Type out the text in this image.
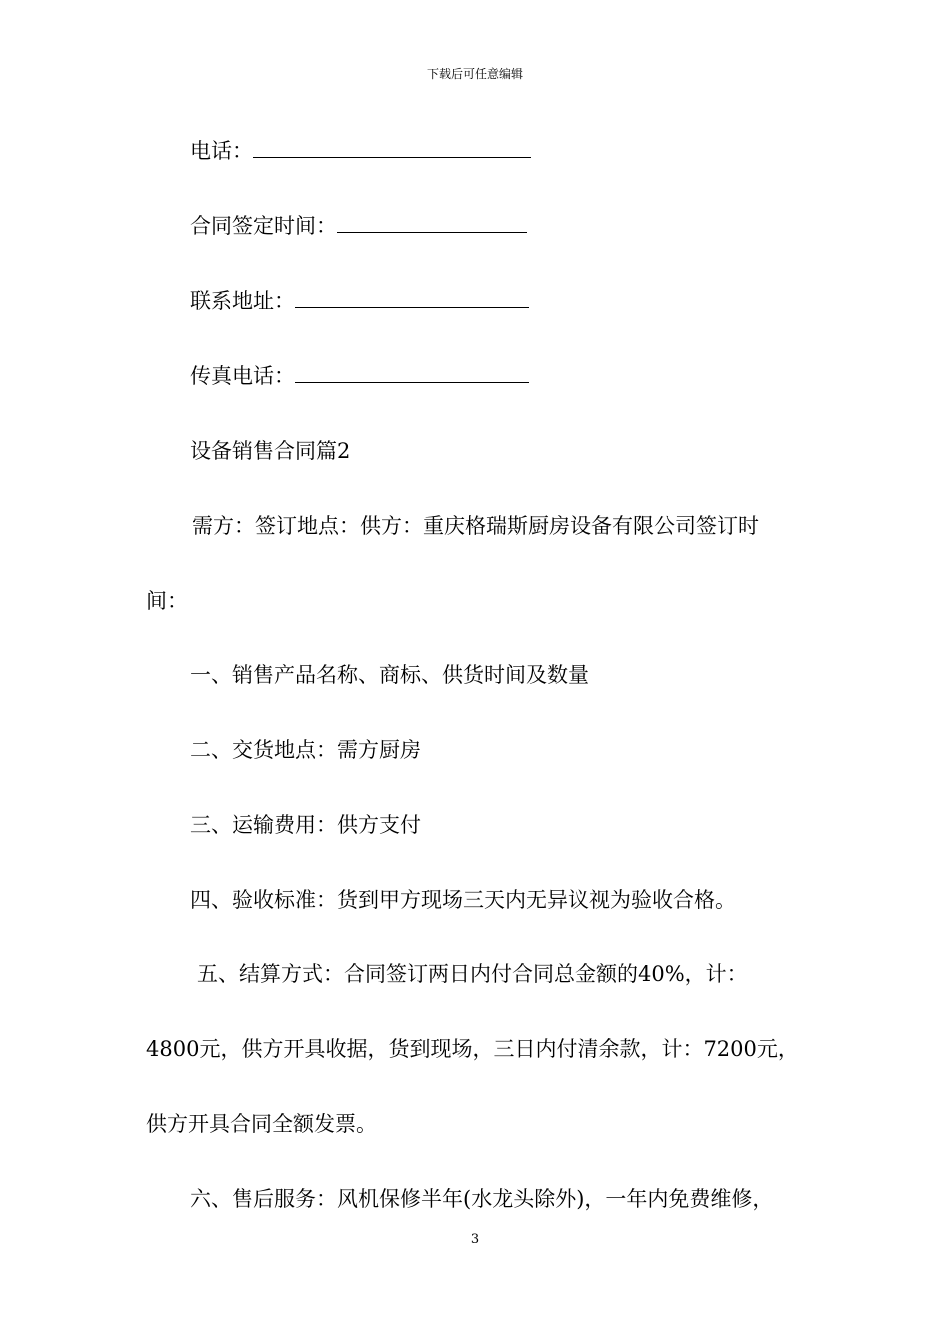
下载后可任意编辑
电话：
合同签定时间：
联系地址：
传真电话：
设备销售合同篇2
需方：签订地点：供方：重庆格瑞斯厨房设备有限公司签订时
间：
一、销售产品名称、商标、供货时间及数量
二、交货地点：需方厨房
三、运输费用：供方支付
四、验收标准：货到甲方现场三天内无异议视为验收合格。
五、结算方式：合同签订两日内付合同总金额的40%，计：
4800元，供方开具收据，货到现场，三日内付清余款，计：7200元，
供方开具合同全额发票。
六、售后服务：风机保修半年(水龙头除外)，一年内免费维修，
3
